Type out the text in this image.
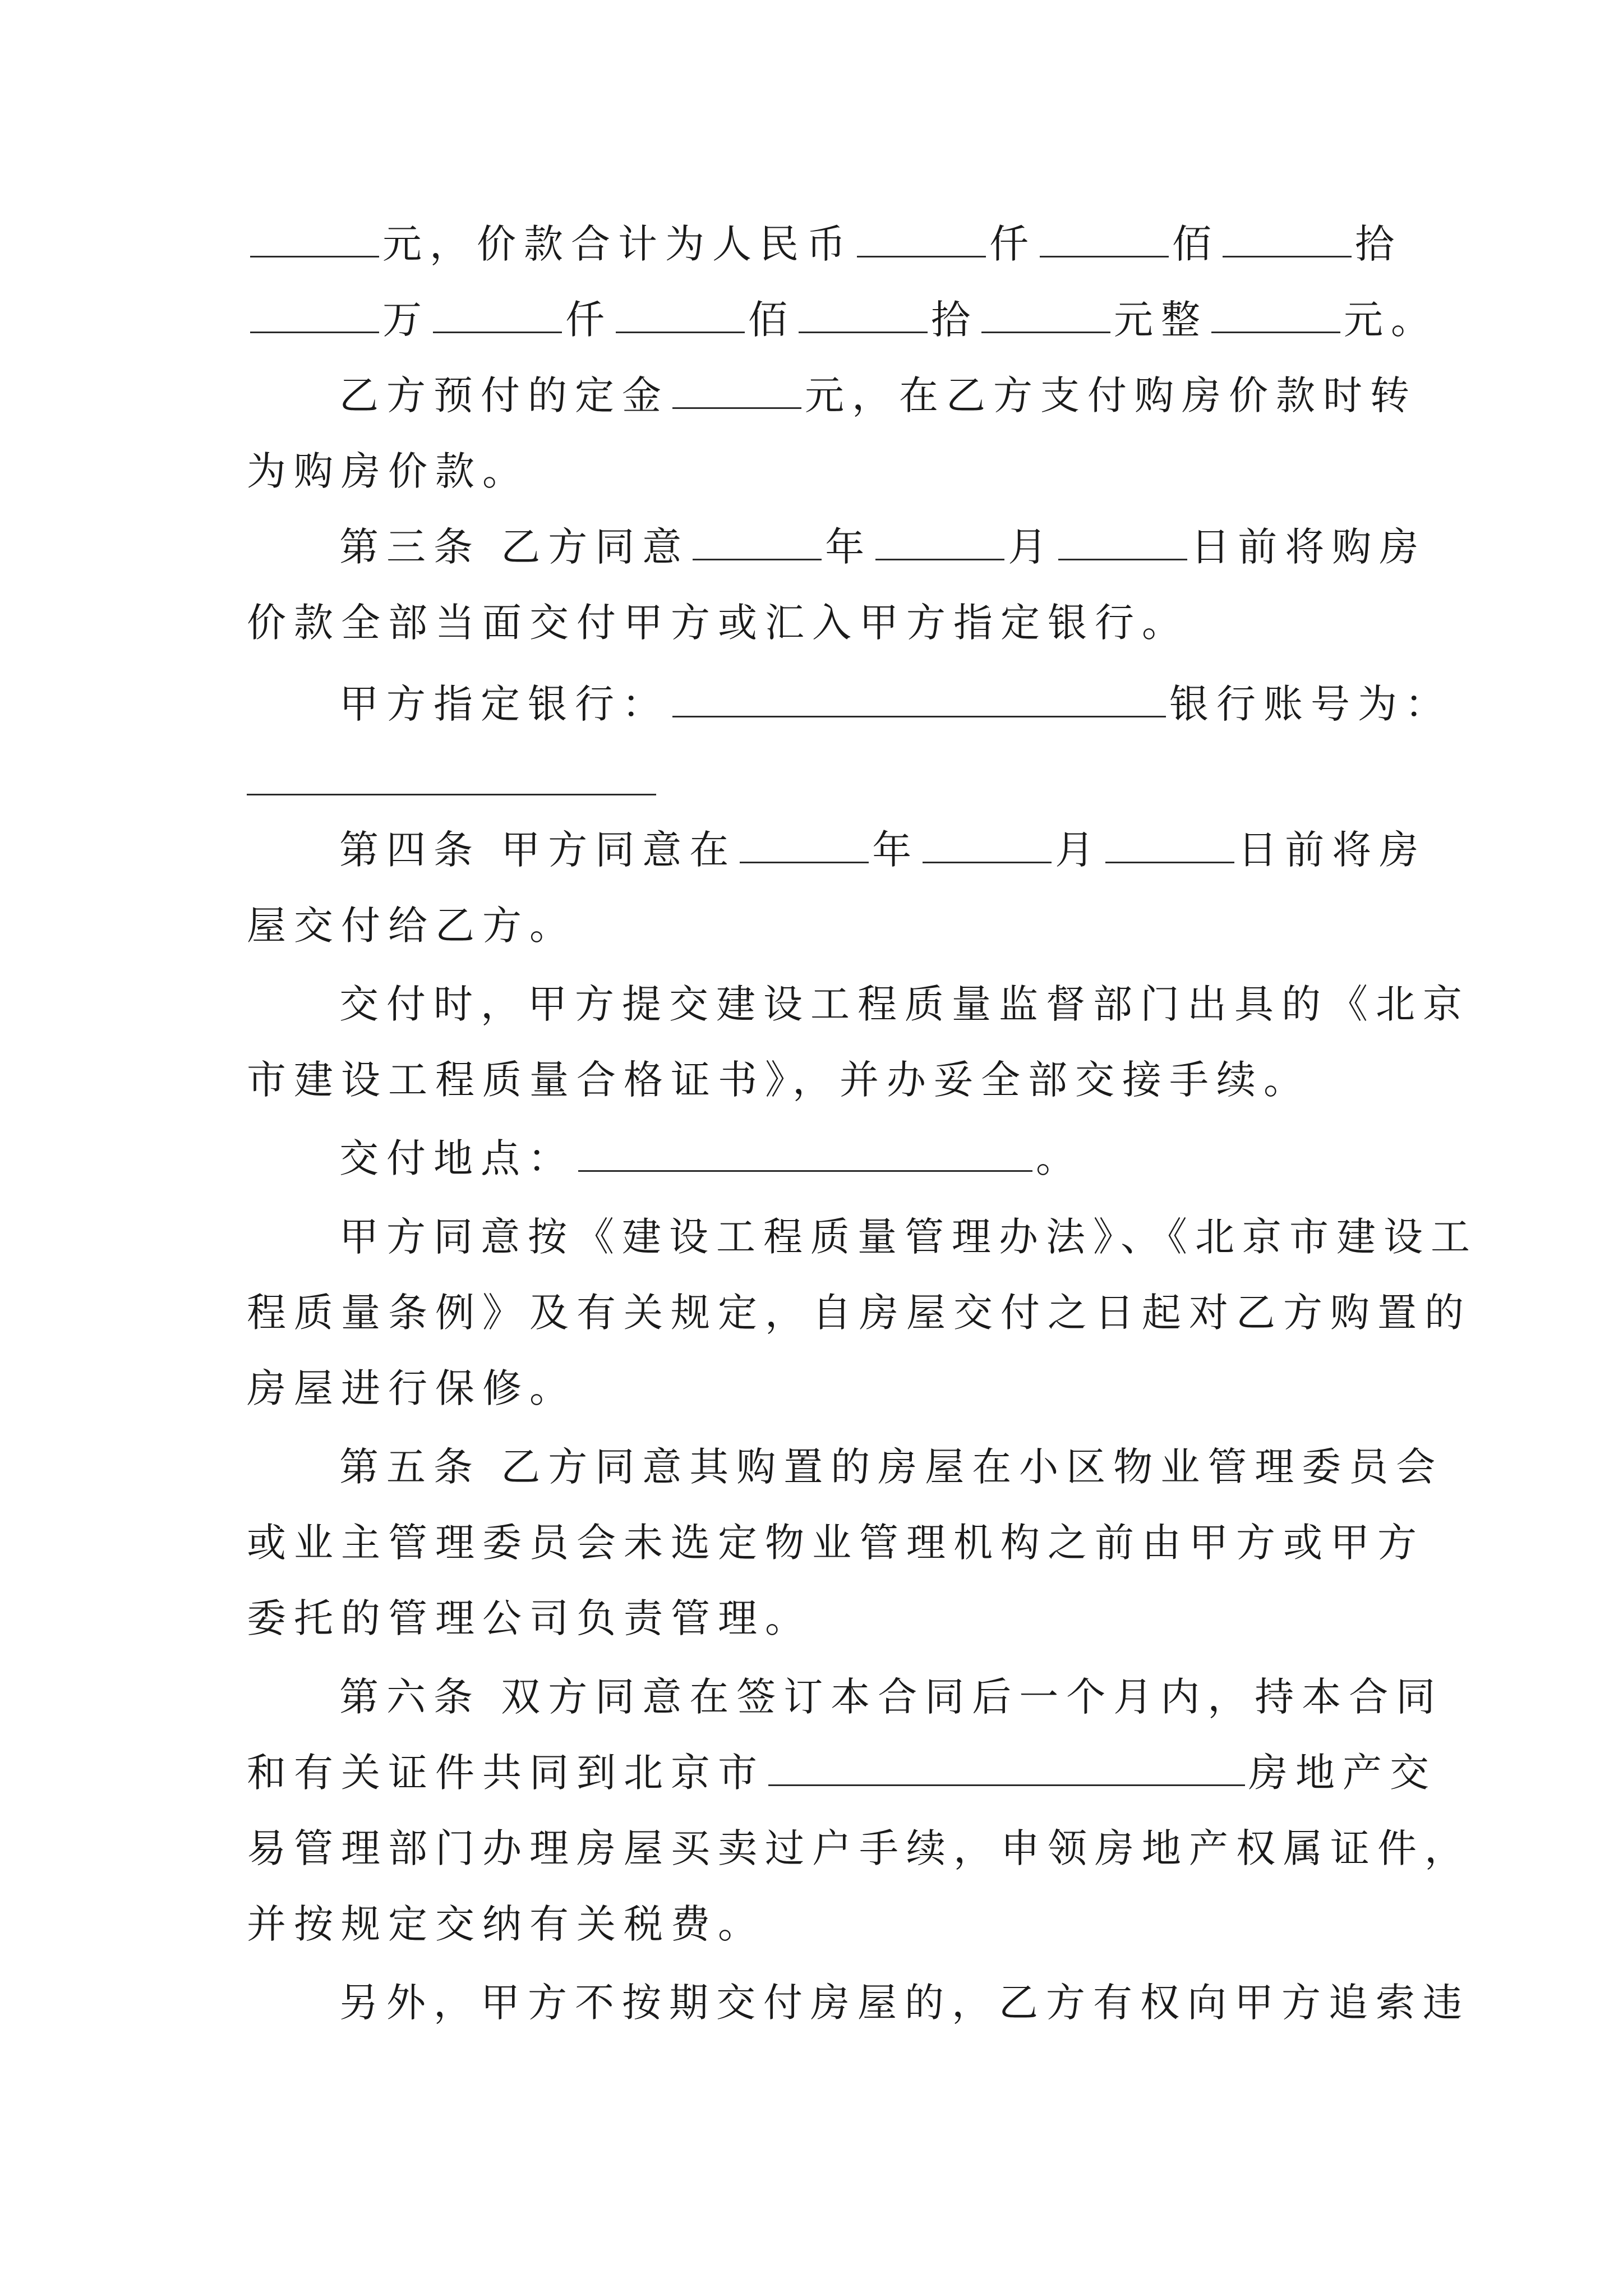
元，价款合计为人民币	仟	佰	拾
万	仟	佰	拾	元整	元。
乙方预付的定金	元，在乙方支付购房价款时转
为购房价款。
第三条 乙方同意	年	月	日前将购房
价款全部当面交付甲方或汇入甲方指定银行。
甲方指定银行：	银行账号为：
第四条 甲方同意在	年	月	日前将房
屋交付给乙方。
交付时，甲方提交建设工程质量监督部门出具的《北京
市建设工程质量合格证书》，并办妥全部交接手续。
交付地点：	。
甲方同意按《建设工程质量管理办法》、《北京市建设工
程质量条例》及有关规定，自房屋交付之日起对乙方购置的
房屋进行保修。
第五条 乙方同意其购置的房屋在小区物业管理委员会
或业主管理委员会未选定物业管理机构之前由甲方或甲方
委托的管理公司负责管理。
第六条 双方同意在签订本合同后一个月内，持本合同
和有关证件共同到北京市	房地产交
易管理部门办理房屋买卖过户手续，申领房地产权属证件，
并按规定交纳有关税费。
另外，甲方不按期交付房屋的，乙方有权向甲方追索违
